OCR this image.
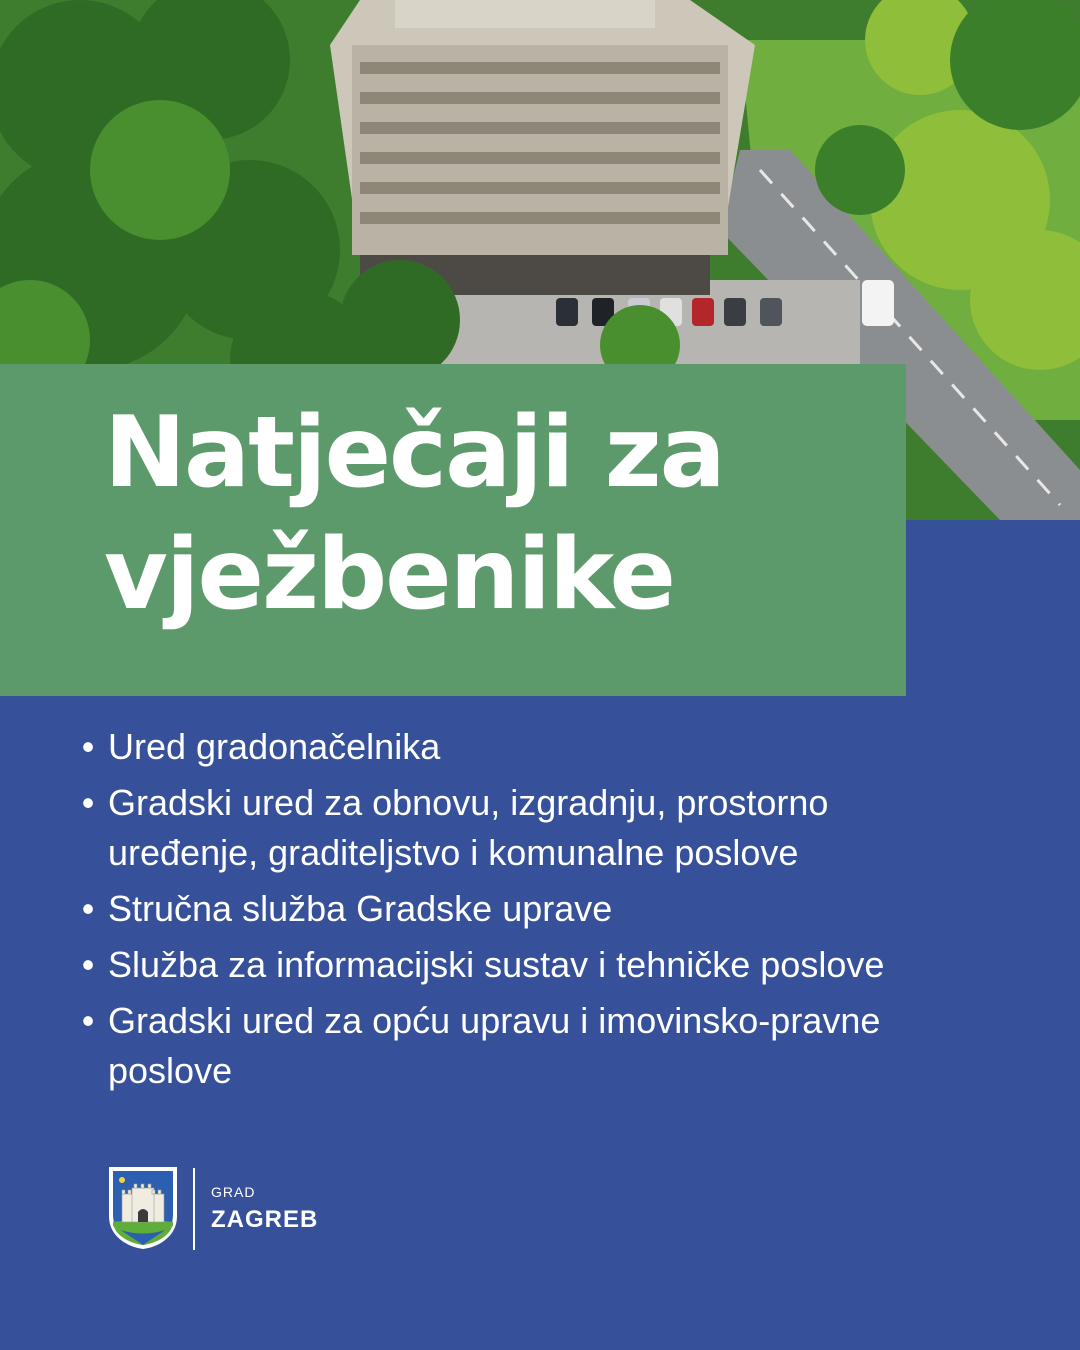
Natječaji za
vježbenike
• Ured gradonačelnika
• Gradski ured za obnovu, izgradnju, prostorno uređenje, graditeljstvo i komunalne poslove
• Stručna služba Gradske uprave
• Služba za informacijski sustav i tehničke poslove
• Gradski ured za opću upravu i imovinsko-pravne poslove
GRAD
ZAGREB
